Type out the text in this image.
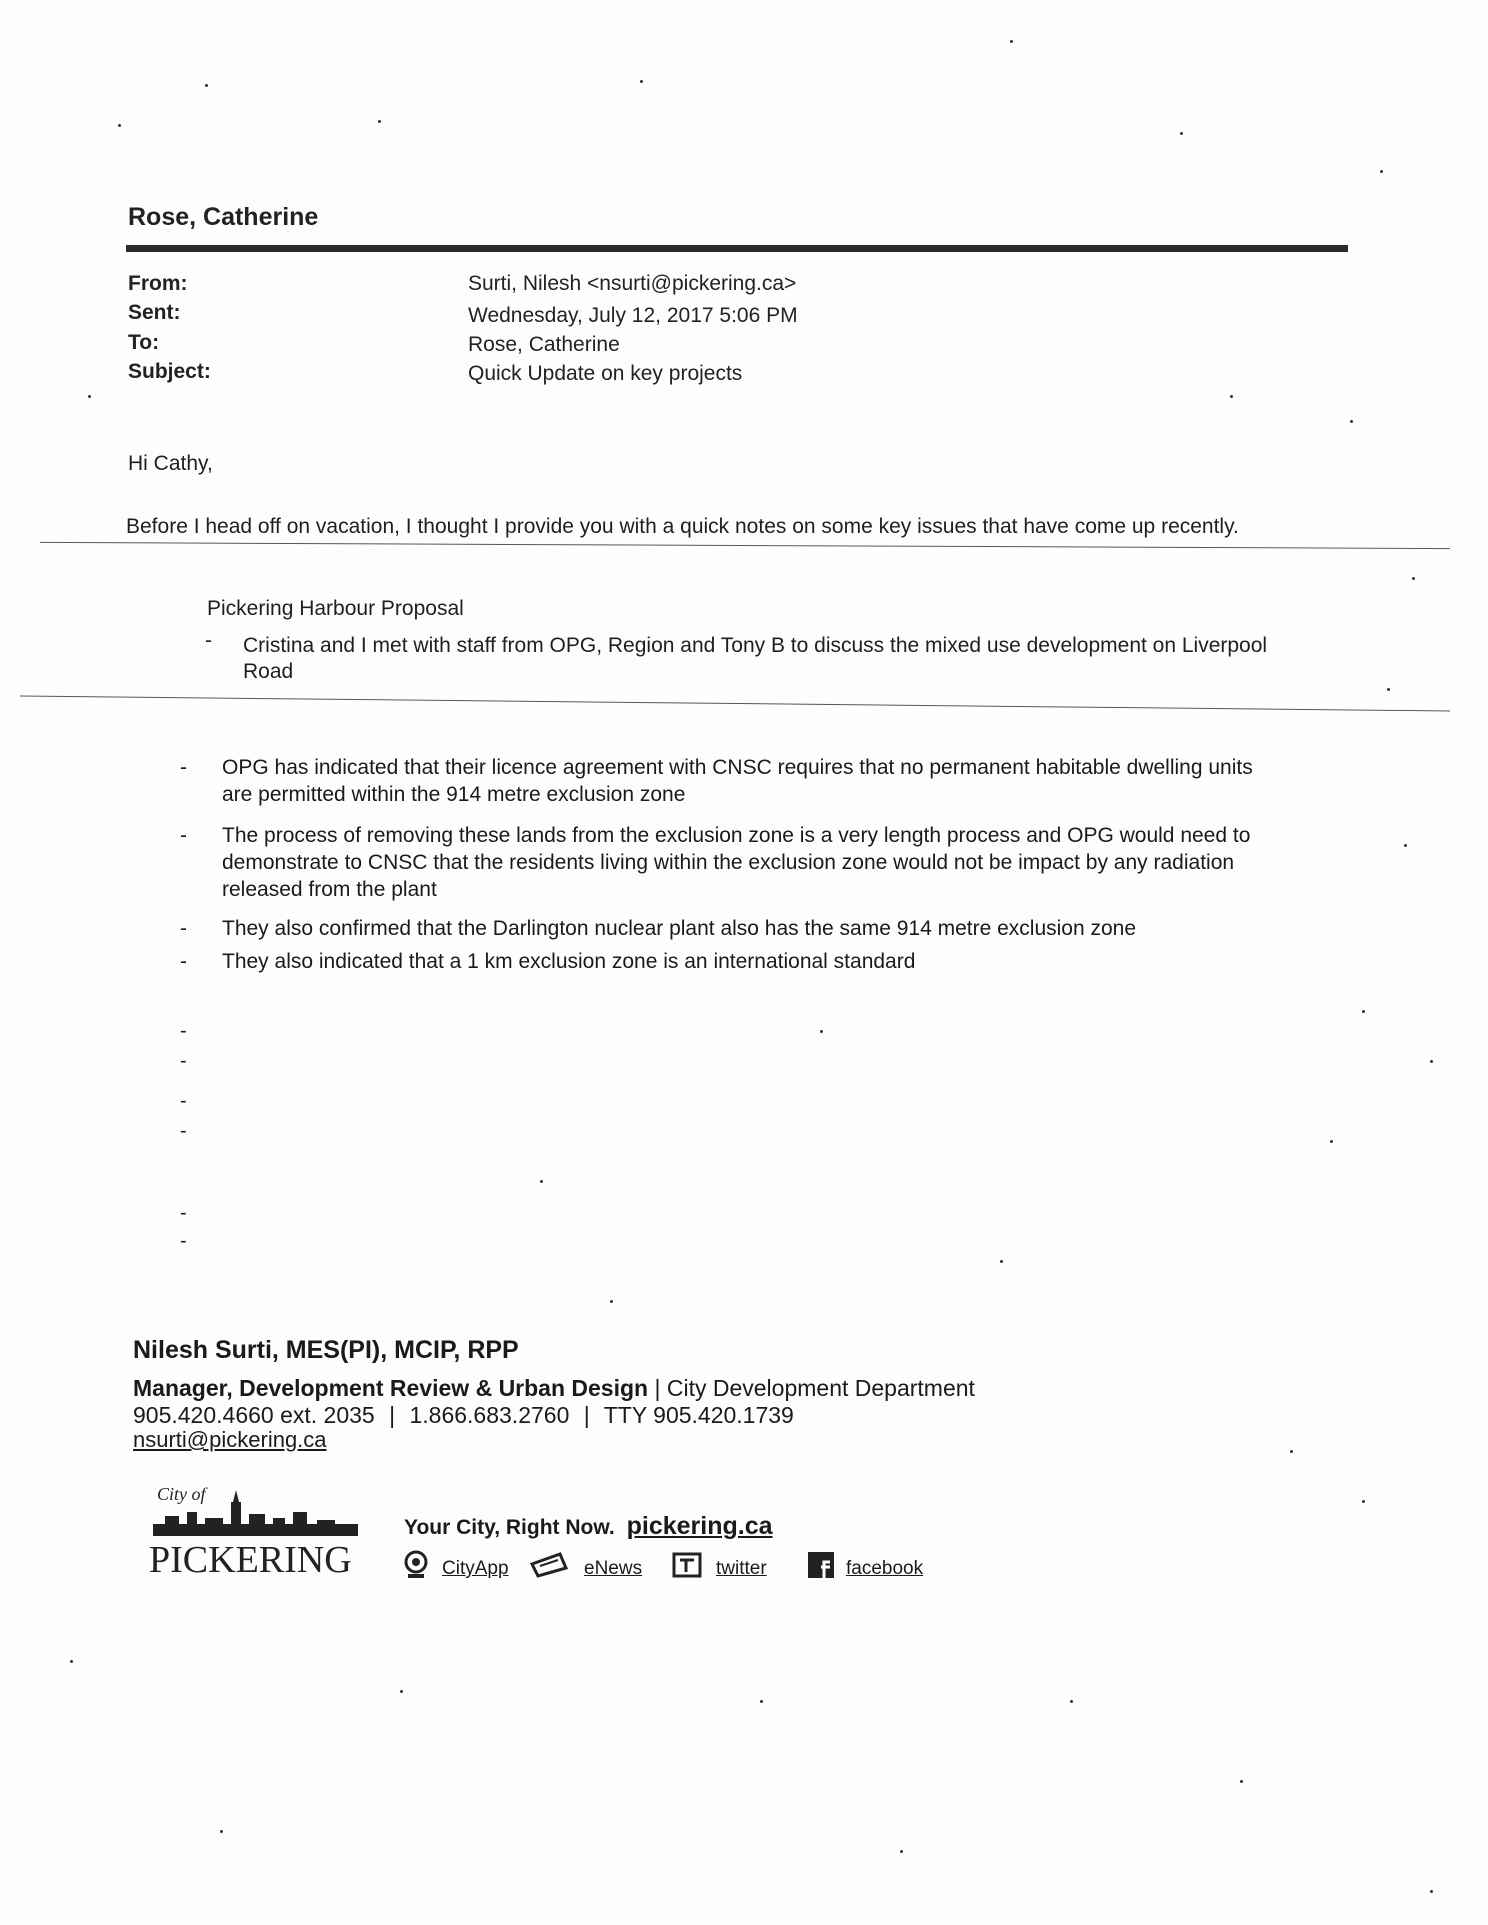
Rose, Catherine
From:	Surti, Nilesh <nsurti@pickering.ca>
Sent:	Wednesday, July 12, 2017 5:06 PM
To:	Rose, Catherine
Subject:	Quick Update on key projects
Hi Cathy,
Before I head off on vacation, I thought I provide you with a quick notes on some key issues that have come up recently.
Pickering Harbour Proposal
- Cristina and I met with staff from OPG, Region and Tony B to discuss the mixed use development on Liverpool
Road
-	OPG has indicated that their licence agreement with CNSC requires that no permanent habitable dwelling units
are permitted within the 914 metre exclusion zone
-	The process of removing these lands from the exclusion zone is a very length process and OPG would need to
demonstrate to CNSC that the residents living within the exclusion zone would not be impact by any radiation
released from the plant
-	They also confirmed that the Darlington nuclear plant also has the same 914 metre exclusion zone
-	They also indicated that a 1 km exclusion zone is an international standard
-
-
-
-
-
-
Nilesh Surti, MES(PI), MCIP, RPP
Manager, Development Review & Urban Design | City Development Department
905.420.4660 ext. 2035 | 1.866.683.2760 | TTY 905.420.1739
nsurti@pickering.ca
City of
PICKERING
Your City, Right Now. pickering.ca
CityApp	eNews	twitter	facebook
